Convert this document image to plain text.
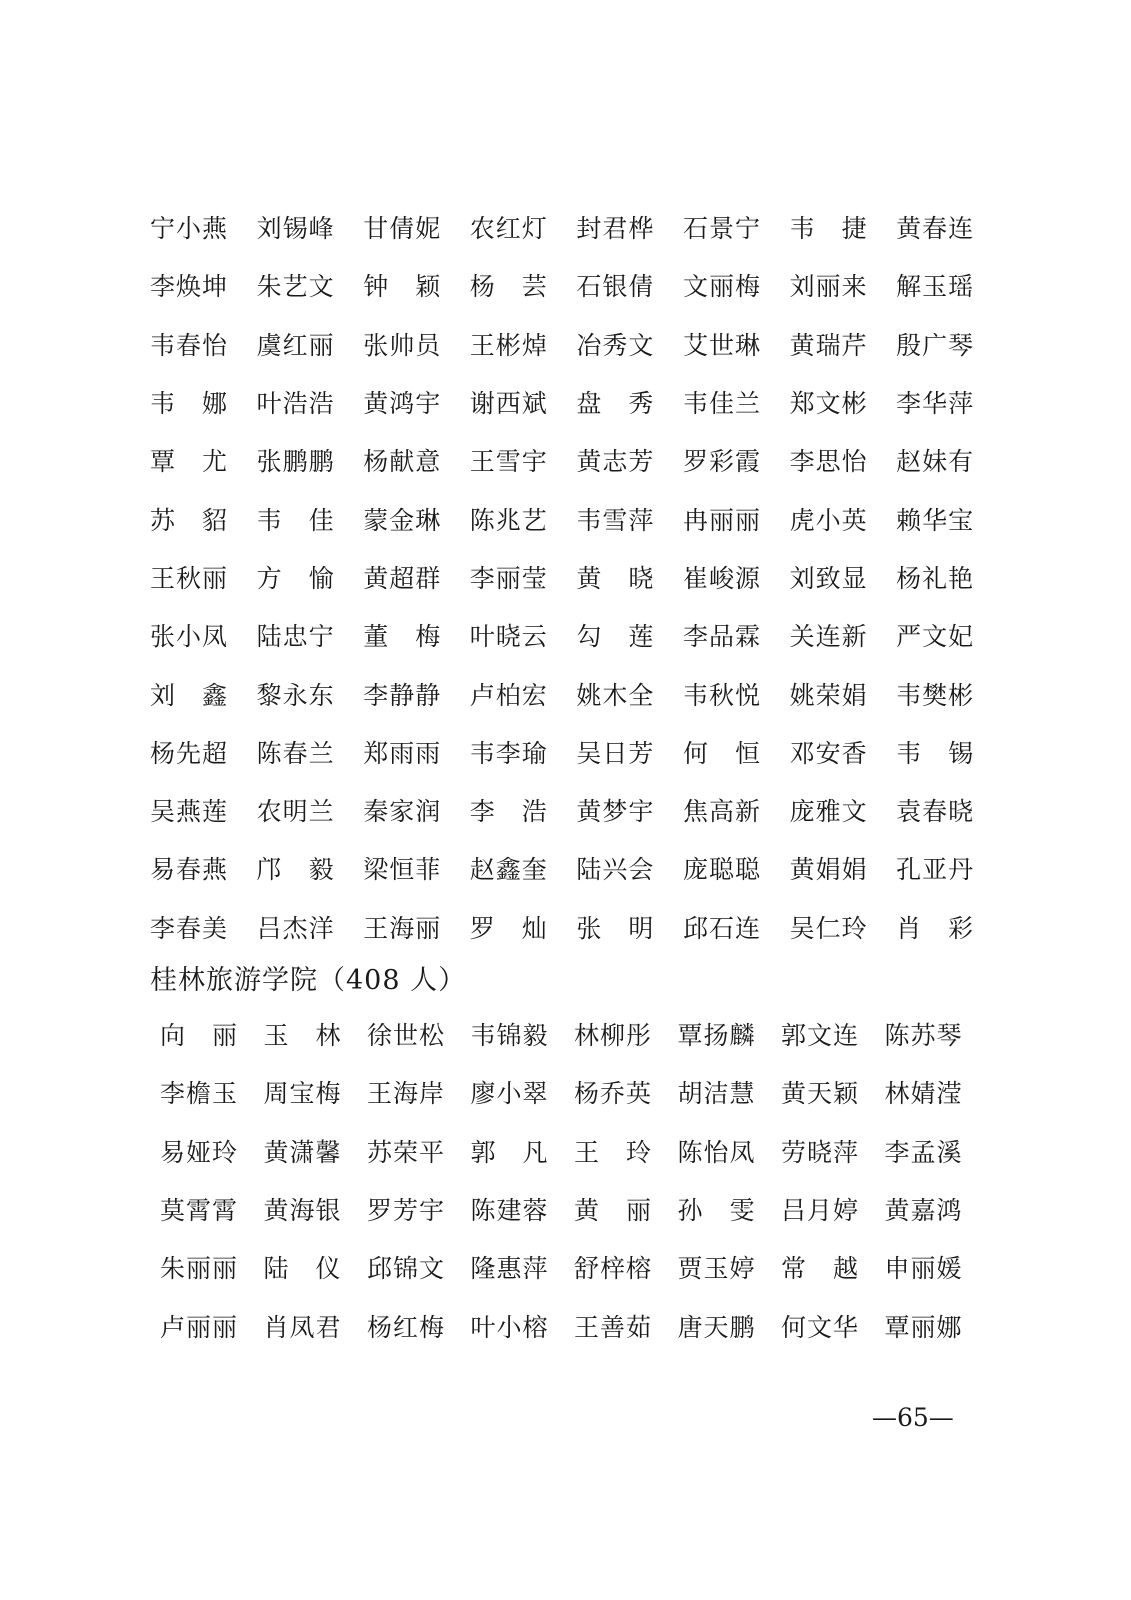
宁小燕	刘锡峰	甘倩妮	农红灯	封君桦	石景宁	韦　捷	黄春连
李焕坤	朱艺文	钟　颖	杨　芸	石银倩	文丽梅	刘丽来	解玉瑶
韦春怡	虞红丽	张帅员	王彬焯	冶秀文	艾世琳	黄瑞芹	殷广琴
韦　娜	叶浩浩	黄鸿宇	谢西斌	盘　秀	韦佳兰	郑文彬	李华萍
覃　尤	张鹏鹏	杨献意	王雪宇	黄志芳	罗彩霞	李思怡	赵妹有
苏　貂	韦　佳	蒙金琳	陈兆艺	韦雪萍	冉丽丽	虎小英	赖华宝
王秋丽	方　愉	黄超群	李丽莹	黄　晓	崔峻源	刘致显	杨礼艳
张小凤	陆忠宁	董　梅	叶晓云	勾　莲	李品霖	关连新	严文妃
刘　鑫	黎永东	李静静	卢柏宏	姚木全	韦秋悦	姚荣娟	韦樊彬
杨先超	陈春兰	郑雨雨	韦李瑜	吴日芳	何　恒	邓安香	韦　锡
吴燕莲	农明兰	秦家润	李　浩	黄梦宇	焦高新	庞雅文	袁春晓
易春燕	邝　毅	梁恒菲	赵鑫奎	陆兴会	庞聪聪	黄娟娟	孔亚丹
李春美	吕杰洋	王海丽	罗　灿	张　明	邱石连	吴仁玲	肖　彩
桂林旅游学院（408 人）
向　丽	玉　林	徐世松	韦锦毅	林柳彤	覃扬麟	郭文连	陈苏琴
李檐玉	周宝梅	王海岸	廖小翠	杨乔英	胡洁慧	黄天颖	林婧滢
易娅玲	黄潇馨	苏荣平	郭　凡	王　玲	陈怡凤	劳晓萍	李孟溪
莫霄霄	黄海银	罗芳宇	陈建蓉	黄　丽	孙　雯	吕月婷	黄嘉鸿
朱丽丽	陆　仪	邱锦文	隆惠萍	舒梓榕	贾玉婷	常　越	申丽媛
卢丽丽	肖凤君	杨红梅	叶小榕	王善茹	唐天鹏	何文华	覃丽娜
—65—
